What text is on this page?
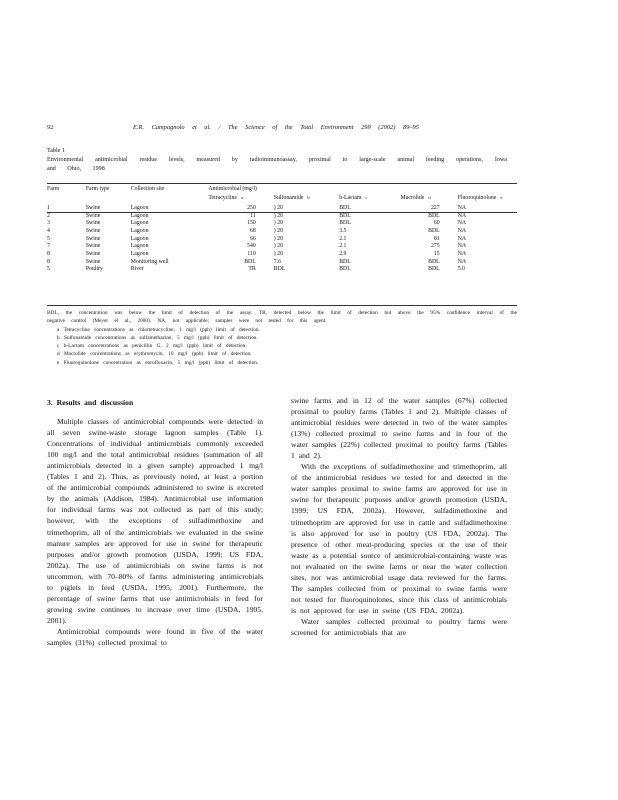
92	E.R. Campagnolo et al. / The Science of the Total Environment 299 (2002) 89–95
Table 1
Environmental antimicrobial residue levels, measured by radioimmunoassay, proximal to large-scale animal feeding operations, Iowa and Ohio, 1998
Farm	Farm type	Collection site	Antimicrobial (mg/l)				
			Tetracycline $^a$	Sulfonamide $^b$	b-Lactam $^c$	Macrolide $^d$	Fluoroquinolone $^e$
1	Swine	Lagoon	250	) 20	BDL	227	NA
2	Swine	Lagoon	11	) 20	BDL	BDL	NA
3	Swine	Lagoon	150	) 20	BDL	60	NA
4	Swine	Lagoon	68	) 20	3.5	BDL	NA
5	Swine	Lagoon	66	) 20	2.1	81	NA
7	Swine	Lagoon	540	) 20	2.1	275	NA
8	Swine	Lagoon	110	) 20	2.9	15	NA
8	Swine	Monitoring well	BDL	7.6	BDL	BDL	NA
5	Poultry	River	TR	BDL	BDL	BDL	5.0

BDL, the concentration was below the limit of detection of the assay. TR, detected below the limit of detection but above the 95% confidence interval of the negative control (Meyer et al., 2000). NA, not applicable; samples were not tested for this agent.

a Tetracycline concentrations as chlortetracycline, 1 mg/l (ppb) limit of detection.

b Sulfonamide concentrations as sulfamethazine, 5 mg/l (ppb) limit of detection.

c b-Lactam concentrations as penicillin G, 2 mg/l (ppb) limit of detection.

d Macrolide concentrations as erythromycin, 10 mg/l (ppb) limit of detection.

e Fluoroquinolone concentration as enrofloxacin, 5 mg/l (ppb) limit of detection.

3. Results and discussion

Multiple classes of antimicrobial compounds were detected in all seven swine-waste storage lagoon samples (Table 1). Concentrations of individual antimicrobials commonly exceeded 100 mg/l and the total antimicrobial residues (summation of all antimicrobials detected in a given sample) approached 1 mg/l (Tables 1 and 2). Thus, as previously noted, at least a portion of the antimicrobial compounds administered to swine is excreted by the animals (Addison, 1984). Antimicrobial use information for individual farms was not collected as part of this study; however, with the exceptions of sulfadimethoxine and trimethoprim, all of the antimicrobials we evaluated in the swine manure samples are approved for use in swine for therapeutic purposes and/or growth promotion (USDA, 1999; US FDA, 2002a). The use of antimicrobials on swine farms is not uncommon, with 70–80% of farms administering antimicrobials to piglets in feed (USDA, 1995, 2001). Furthermore, the percentage of swine farms that use antimicrobials in feed for growing swine continues to increase over time (USDA, 1995, 2001).

Antimicrobial compounds were found in five of the water samples (31%) collected proximal to

swine farms and in 12 of the water samples (67%) collected proximal to poultry farms (Tables 1 and 2). Multiple classes of antimicrobial residues were detected in two of the water samples (13%) collected proximal to swine farms and in four of the water samples (22%) collected proximal to poultry farms (Tables 1 and 2).

With the exceptions of sulfadimethoxine and trimethoprim, all of the antimicrobial residues we tested for and detected in the water samples proximal to swine farms are approved for use in swine for therapeutic purposes and/or growth promotion (USDA, 1999; US FDA, 2002a). However, sulfadimethoxine and trimethoprim are approved for use in cattle and sulfadimethoxine is also approved for use in poultry (US FDA, 2002a). The presence of other meat-producing species or the use of their waste as a potential source of antimicrobial-containing waste was not evaluated on the swine farms or near the water collection sites, nor was antimicrobial usage data reviewed for the farms. The samples collected from or proximal to swine farms were not tested for fluoroquinolones, since this class of antimicrobials is not approved for use in swine (US FDA, 2002a).

Water samples collected proximal to poultry farms were screened for antimicrobials that are
